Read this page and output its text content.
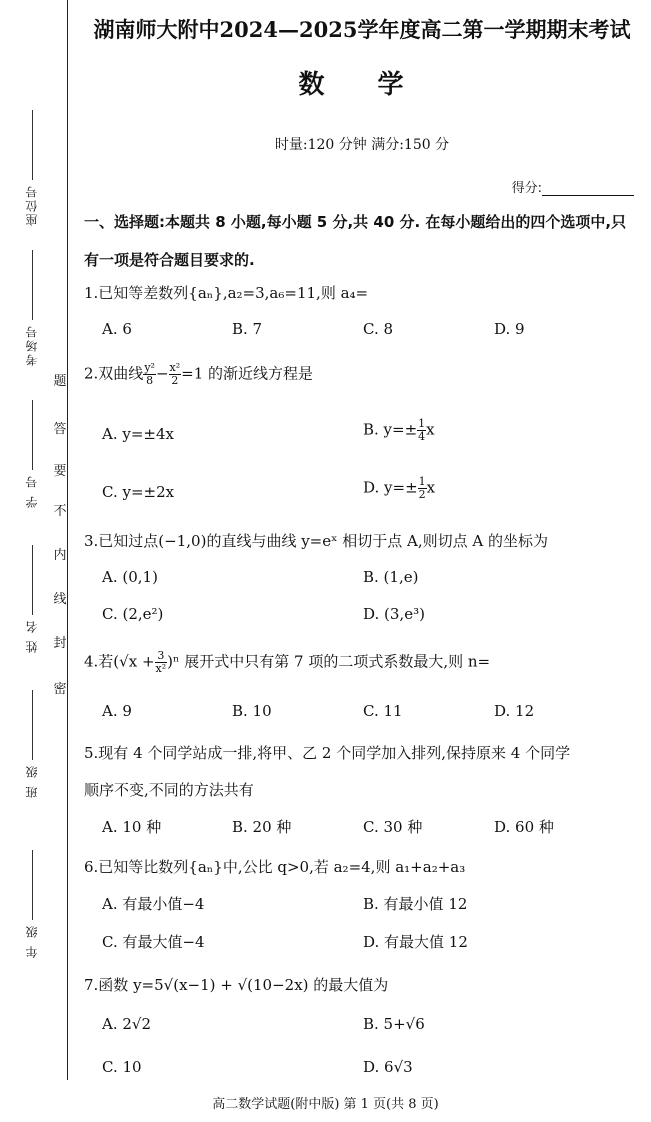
座位号
考场号
学 号
姓 名
班 级
年 级
题
答
要
不
内
线
封
密
湖南师大附中2024—2025学年度高二第一学期期末考试
数 学
时量:120 分钟 满分:150 分
得分:
一、选择题:本题共 8 小题,每小题 5 分,共 40 分. 在每小题给出的四个选项中,只有一项是符合题目要求的.
1.已知等差数列{aₙ},a₂=3,a₆=11,则 a₄=
A. 6	B. 7	C. 8	D. 9
2.双曲线 $\frac{\text{y²}}{8} - \frac{\text{x²}}{2} =1$ 的渐近线方程是
A. y=±4x	B. $y=\pm \frac{1}{4}$ x
C. y=±2x	D. $y=\pm \frac{1}{2}$ x
3.已知过点(−1,0)的直线与曲线 y=eˣ 相切于点 A,则切点 A 的坐标为
A. (0,1)	B. (1,e)
C. (2,e²)	D. (3,e³)
4.若$(√x + \frac{3}{\text{x²}} )^n$ 展开式中只有第 7 项的二项式系数最大,则 n=
A. 9	B. 10	C. 11	D. 12
5.现有 4 个同学站成一排,将甲、乙 2 个同学加入排列,保持原来 4 个同学
顺序不变,不同的方法共有
A. 10 种	B. 20 种	C. 30 种	D. 60 种
6.已知等比数列{aₙ}中,公比 q>0,若 a₂=4,则 a₁+a₂+a₃
A. 有最小值−4	B. 有最小值 12
C. 有最大值−4	D. 有最大值 12
7.函数 y=5√(x−1) + √(10−2x) 的最大值为
A. 2√2	B. 5+√6
C. 10	D. 6√3
高二数学试题(附中版) 第 1 页(共 8 页)
